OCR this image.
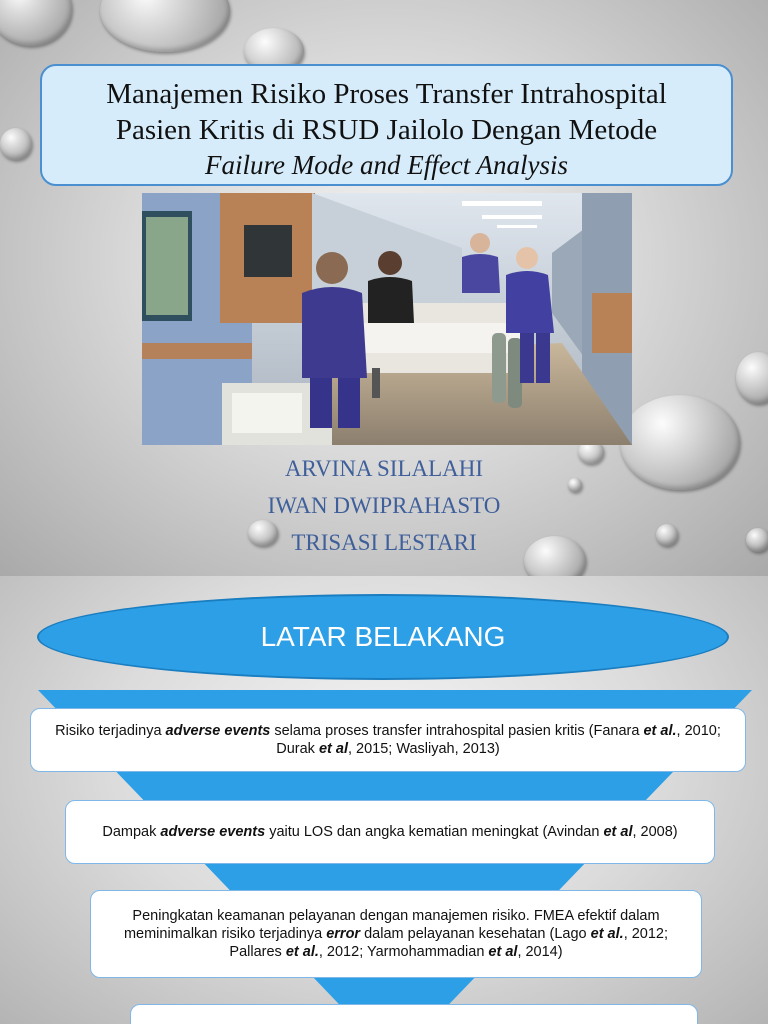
Manajemen Risiko Proses Transfer Intrahospital
Pasien Kritis di RSUD Jailolo Dengan Metode
Failure Mode and Effect Analysis
ARVINA SILALAHI
IWAN DWIPRAHASTO
TRISASI LESTARI
LATAR BELAKANG
Risiko terjadinya adverse events selama proses transfer intrahospital pasien kritis (Fanara et al., 2010; Durak et al, 2015; Wasliyah, 2013)
Dampak adverse events yaitu LOS dan angka kematian meningkat (Avindan et al, 2008)
Peningkatan keamanan pelayanan dengan manajemen risiko. FMEA efektif dalam meminimalkan risiko terjadinya error dalam pelayanan kesehatan (Lago et al., 2012; Pallares et al., 2012; Yarmohammadian et al, 2014)
